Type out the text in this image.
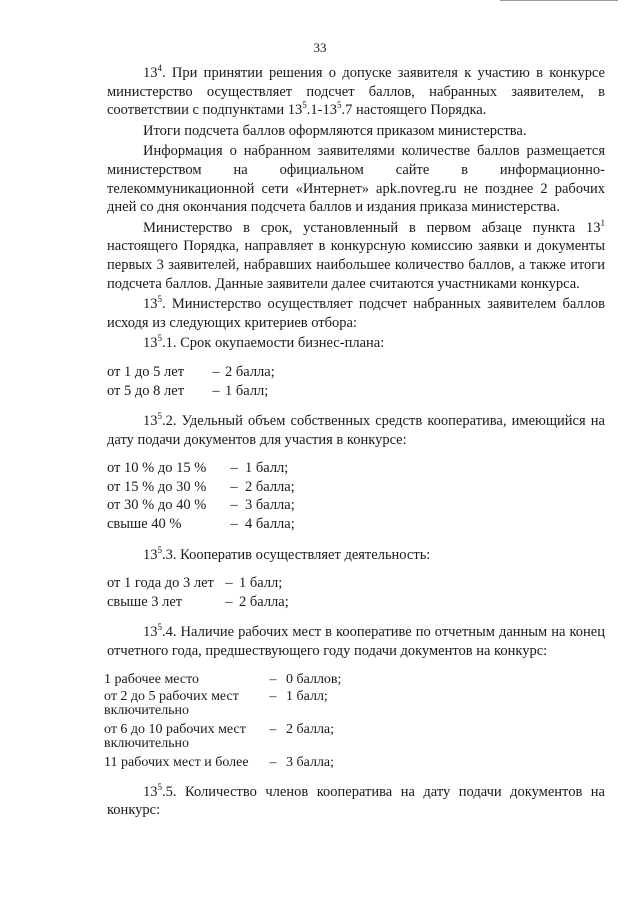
33

$13^4$. При принятии решения о допуске заявителя к участию в конкурсе министерство осуществляет подсчет баллов, набранных заявителем, в соответствии с подпунктами $13^5.1-13^5.7$ настоящего Порядка.

Итоги подсчета баллов оформляются приказом министерства.

Информация о набранном заявителями количестве баллов размещается министерством на официальном сайте в информационно-телекоммуникационной сети «Интернет» apk.novreg.ru не позднее 2 рабочих дней со дня окончания подсчета баллов и издания приказа министерства.

Министерство в срок, установленный в первом абзаце пункта $13^1$ настоящего Порядка, направляет в конкурсную комиссию заявки и документы первых 3 заявителей, набравших наибольшее количество баллов, а также итоги подсчета баллов. Данные заявители далее считаются участниками конкурса.

$13^5$. Министерство осуществляет подсчет набранных заявителем баллов исходя из следующих критериев отбора:

$13^5.1$. Срок окупаемости бизнес-плана:

от 1 до 5 лет	– 2 балла;
от 5 до 8 лет	– 1 балл;

$13^5.2$. Удельный объем собственных средств кооператива, имеющийся на дату подачи документов для участия в конкурсе:

от 10 % до 15 %	– 1 балл;
от 15 % до 30 %	– 2 балла;
от 30 % до 40 %	– 3 балла;
свыше 40 %	– 4 балла;

$13^5.3$. Кооператив осуществляет деятельность:

от 1 года до 3 лет – 1 балл;
свыше 3 лет	– 2 балла;

$13^5.4$. Наличие рабочих мест в кооперативе по отчетным данным на конец отчетного года, предшествующего году подачи документов на конкурс:

1 рабочее место	– 0 баллов;
от 2 до 5 рабочих мест	– 1 балл;
включительно
от 6 до 10 рабочих мест	– 2 балла;
включительно
11 рабочих мест и более	– 3 балла;

$13^5.5$. Количество членов кооператива на дату подачи документов на конкурс:
